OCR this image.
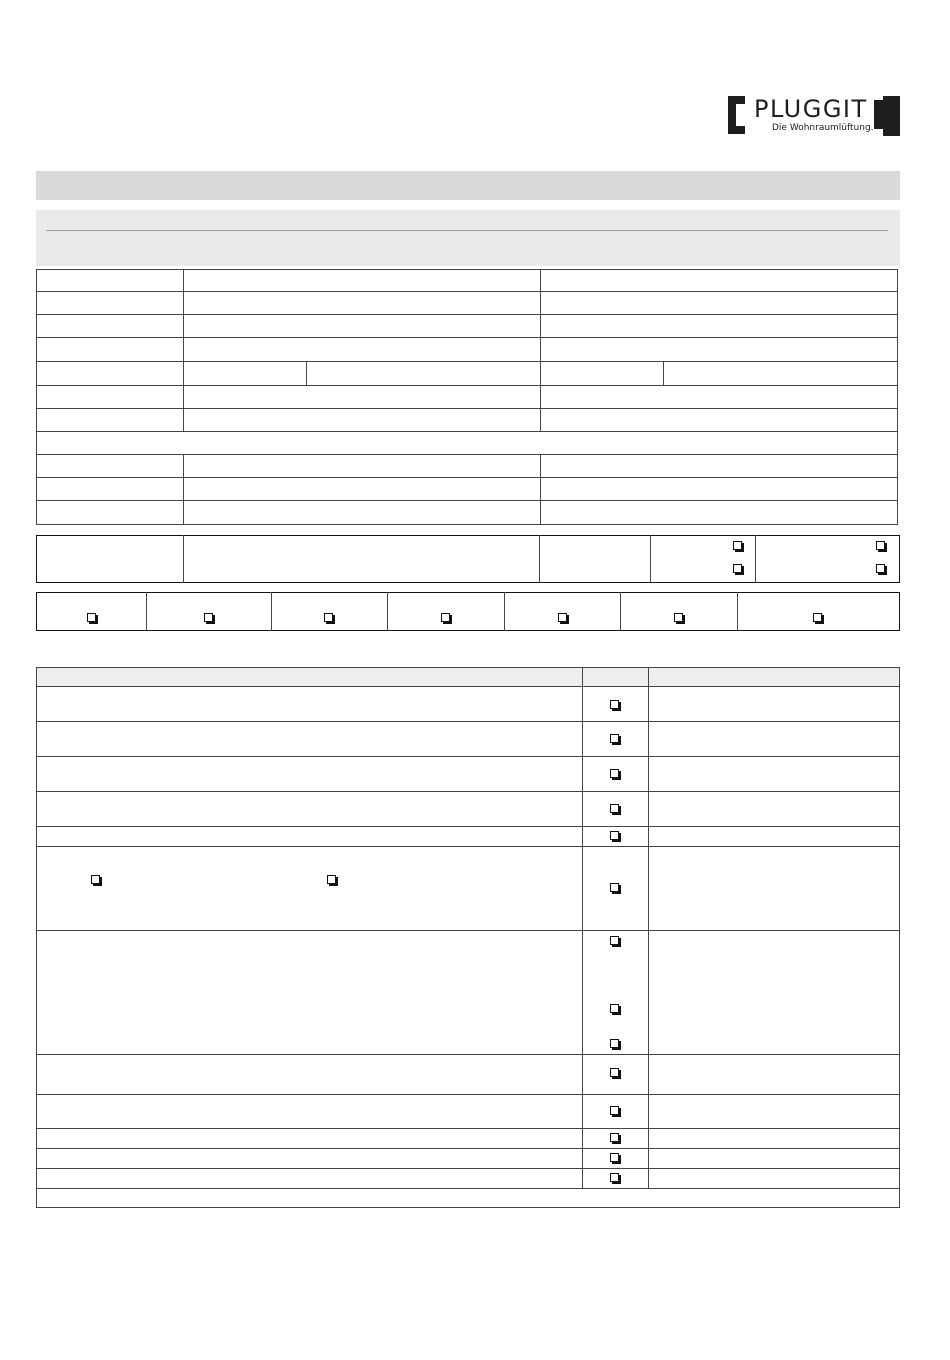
PLUGGIT
Die Wohnraumlüftung.
